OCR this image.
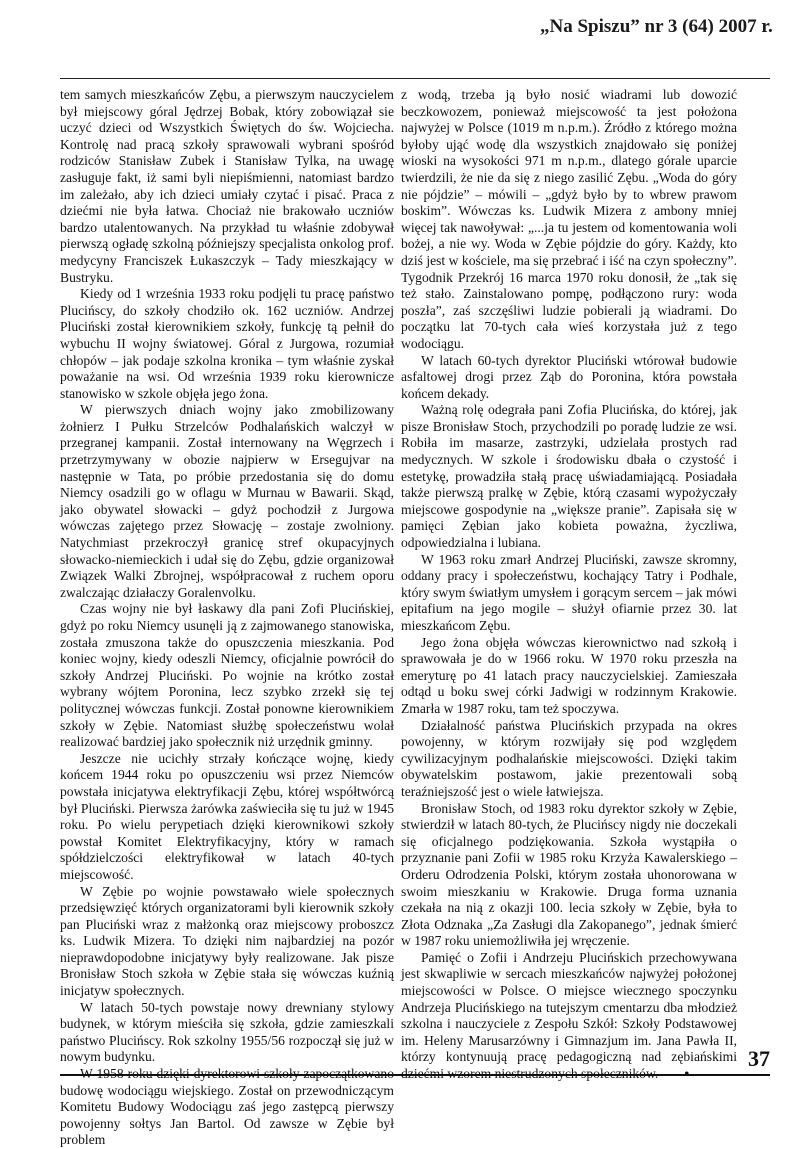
„Na Spiszu” nr 3 (64) 2007 r.

tem samych mieszkańców Zębu, a pierwszym nauczycielem był miejscowy góral Jędrzej Bobak, który zobowiązał sie uczyć dzieci od Wszystkich Świętych do św. Wojciecha. Kontrolę nad pracą szkoły sprawowali wybrani spośród rodziców Stanisław Zubek i Stanisław Tylka, na uwagę zasługuje fakt, iż sami byli niepiśmienni, natomiast bardzo im zależało, aby ich dzieci umiały czytać i pisać. Praca z dziećmi nie była łatwa. Chociaż nie brakowało uczniów bardzo utalentowanych. Na przykład tu właśnie zdobywał pierwszą ogładę szkolną późniejszy specjalista onkolog prof. medycyny Franciszek Łukaszczyk – Tady mieszkający w Bustryku.

Kiedy od 1 września 1933 roku podjęli tu pracę państwo Plucińscy, do szkoły chodziło ok. 162 uczniów. Andrzej Pluciński został kierownikiem szkoły, funkcję tą pełnił do wybuchu II wojny światowej. Góral z Jurgowa, rozumiał chłopów – jak podaje szkolna kronika – tym właśnie zyskał poważanie na wsi. Od września 1939 roku kierownicze stanowisko w szkole objęła jego żona.

W pierwszych dniach wojny jako zmobilizowany żołnierz I Pułku Strzelców Podhalańskich walczył w przegranej kampanii. Został internowany na Węgrzech i przetrzymywany w obozie najpierw w Erseguјvar na następnie w Tata, po próbie przedostania się do domu Niemcy osadzili go w oflagu w Murnau w Bawarii. Skąd, jako obywatel słowacki – gdyż pochodził z Jurgowa wówczas zajętego przez Słowację – zostaje zwolniony. Natychmiast przekroczył granicę stref okupacyjnych słowacko-niemieckich i udał się do Zębu, gdzie organizował Związek Walki Zbrojnej, współpracował z ruchem oporu zwalczając działaczy Goralenvolku.

Czas wojny nie był łaskawy dla pani Zofi Plucińskiej, gdyż po roku Niemcy usunęli ją z zajmowanego stanowiska, została zmuszona także do opuszczenia mieszkania. Pod koniec wojny, kiedy odeszli Niemcy, oficjalnie powrócił do szkoły Andrzej Pluciński. Po wojnie na krótko został wybrany wójtem Poronina, lecz szybko zrzekł się tej politycznej wówczas funkcji. Został ponowne kierownikiem szkoły w Zębie. Natomiast służbę społeczeństwu wolał realizować bardziej jako społecznik niż urzędnik gminny.

Jeszcze nie ucichły strzały kończące wojnę, kiedy końcem 1944 roku po opuszczeniu wsi przez Niemców powstała inicjatywa elektryfikacji Zębu, której współtwórcą był Pluciński. Pierwsza żarówka zaświeciła się tu już w 1945 roku. Po wielu perypetiach dzięki kierownikowi szkoły powstał Komitet Elektryfikacyjny, który w ramach spółdzielczości elektryfikował w latach 40-tych miejscowość.

W Zębie po wojnie powstawało wiele społecznych przedsięwzięć których organizatorami byli kierownik szkoły pan Pluciński wraz z małżonką oraz miejscowy proboszcz ks. Ludwik Mizera. To dzięki nim najbardziej na pozór nieprawdopodobne inicjatywy były realizowane. Jak pisze Bronisław Stoch szkoła w Zębie stała się wówczas kuźnią inicjatyw społecznych.

W latach 50-tych powstaje nowy drewniany stylowy budynek, w którym mieściła się szkoła, gdzie zamieszkali państwo Plucińscy. Rok szkolny 1955/56 rozpoczął się już w nowym budynku.

W 1958 roku dzięki dyrektorowi szkoły zapoczątkowano budowę wodociągu wiejskiego. Został on przewodniczącym Komitetu Budowy Wodociągu zaś jego zastępcą pierwszy powojenny sołtys Jan Bartol. Od zawsze w Zębie był problem

z wodą, trzeba ją było nosić wiadrami lub dowozić beczkowozem, ponieważ miejscowość ta jest położona najwyżej w Polsce (1019 m n.p.m.). Źródło z którego można byłoby ująć wodę dla wszystkich znajdowało się poniżej wioski na wysokości 971 m n.p.m., dlatego górale uparcie twierdzili, że nie da się z niego zasilić Zębu. „Woda do góry nie pójdzie” – mówili – „gdyż było by to wbrew prawom boskim”. Wówczas ks. Ludwik Mizera z ambony mniej więcej tak nawoływał: „...ja tu jestem od komentowania woli bożej, a nie wy. Woda w Zębie pójdzie do góry. Każdy, kto dziś jest w kościele, ma się przebrać i iść na czyn społeczny”. Tygodnik Przekrój 16 marca 1970 roku donosił, że „tak się też stało. Zainstalowano pompę, podłączono rury: woda poszła”, zaś szczęśliwi ludzie pobierali ją wiadrami. Do początku lat 70-tych cała wieś korzystała już z tego wodociągu.

W latach 60-tych dyrektor Pluciński wtórował budowie asfaltowej drogi przez Ząb do Poronina, która powstała końcem dekady.

Ważną rolę odegrała pani Zofia Plucińska, do której, jak pisze Bronisław Stoch, przychodzili po poradę ludzie ze wsi. Robiła im masarze, zastrzyki, udzielała prostych rad medycznych. W szkole i środowisku dbała o czystość i estetykę, prowadziła stałą pracę uświadamiającą. Posiadała także pierwszą pralkę w Zębie, którą czasami wypożyczały miejscowe gospodynie na „większe pranie”. Zapisała się w pamięci Zębian jako kobieta poważna, życzliwa, odpowiedzialna i lubiana.

W 1963 roku zmarł Andrzej Pluciński, zawsze skromny, oddany pracy i społeczeństwu, kochający Tatry i Podhale, który swym światłym umysłem i gorącym sercem – jak mówi epitafium na jego mogile – służył ofiarnie przez 30. lat mieszkańcom Zębu.

Jego żona objęła wówczas kierownictwo nad szkołą i sprawowała je do w 1966 roku. W 1970 roku przeszła na emeryturę po 41 latach pracy nauczycielskiej. Zamieszała odtąd u boku swej córki Jadwigi w rodzinnym Krakowie. Zmarła w 1987 roku, tam też spoczywa.

Działalność państwa Plucińskich przypada na okres powojenny, w którym rozwijały się pod względem cywilizacyjnym podhalańskie miejscowości. Dzięki takim obywatelskim postawom, jakie prezentowali sobą teraźniejszość jest o wiele łatwiejsza.

Bronisław Stoch, od 1983 roku dyrektor szkoły w Zębie, stwierdził w latach 80-tych, że Plucińscy nigdy nie doczekali się oficjalnego podziękowania. Szkoła wystąpiła o przyznanie pani Zofii w 1985 roku Krzyża Kawalerskiego – Orderu Odrodzenia Polski, którym została uhonorowana w swoim mieszkaniu w Krakowie. Druga forma uznania czekała na nią z okazji 100. lecia szkoły w Zębie, była to Złota Odznaka „Za Zasługi dla Zakopanego”, jednak śmierć w 1987 roku uniemożliwiła jej wręczenie.

Pamięć o Zofii i Andrzeju Plucińskich przechowywana jest skwapliwie w sercach mieszkańców najwyżej położonej miejscowości w Polsce. O miejsce wiecznego spoczynku Andrzeja Plucińskiego na tutejszym cmentarzu dba młodzież szkolna i nauczyciele z Zespołu Szkół: Szkoły Podstawowej im. Heleny Marusarzówny i Gimnazjum im. Jana Pawła II, którzy kontynuują pracę pedagogiczną nad zębiańskimi dziećmi wzorem niestrudzonych społeczników. •

37
